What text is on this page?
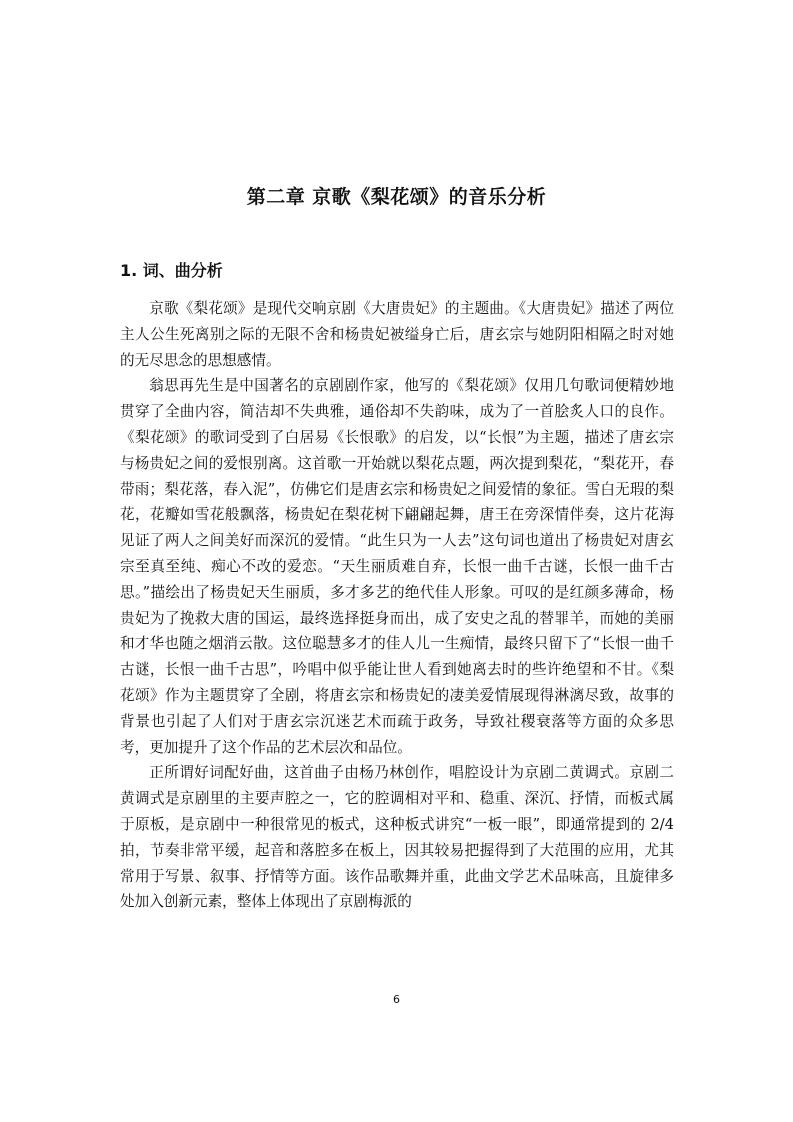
第二章 京歌《梨花颂》的音乐分析
1. 词、曲分析

京歌《梨花颂》是现代交响京剧《大唐贵妃》的主题曲。《大唐贵妃》描述了两位主人公生死离别之际的无限不舍和杨贵妃被缢身亡后，唐玄宗与她阴阳相隔之时对她的无尽思念的思想感情。

翁思再先生是中国著名的京剧剧作家，他写的《梨花颂》仅用几句歌词便精妙地贯穿了全曲内容，简洁却不失典雅，通俗却不失韵味，成为了一首脍炙人口的良作。《梨花颂》的歌词受到了白居易《长恨歌》的启发，以“长恨”为主题，描述了唐玄宗与杨贵妃之间的爱恨别离。这首歌一开始就以梨花点题，两次提到梨花，“梨花开，春带雨；梨花落，春入泥”，仿佛它们是唐玄宗和杨贵妃之间爱情的象征。雪白无瑕的梨花，花瓣如雪花般飘落，杨贵妃在梨花树下翩翩起舞，唐王在旁深情伴奏，这片花海见证了两人之间美好而深沉的爱情。“此生只为一人去”这句词也道出了杨贵妃对唐玄宗至真至纯、痴心不改的爱恋。“天生丽质难自弃，长恨一曲千古谜，长恨一曲千古思。”描绘出了杨贵妃天生丽质，多才多艺的绝代佳人形象。可叹的是红颜多薄命，杨贵妃为了挽救大唐的国运，最终选择挺身而出，成了安史之乱的替罪羊，而她的美丽和才华也随之烟消云散。这位聪慧多才的佳人儿一生痴情，最终只留下了“长恨一曲千古谜，长恨一曲千古思”，吟唱中似乎能让世人看到她离去时的些许绝望和不甘。《梨花颂》作为主题贯穿了全剧，将唐玄宗和杨贵妃的凄美爱情展现得淋漓尽致，故事的背景也引起了人们对于唐玄宗沉迷艺术而疏于政务，导致社稷衰落等方面的众多思考，更加提升了这个作品的艺术层次和品位。

正所谓好词配好曲，这首曲子由杨乃林创作，唱腔设计为京剧二黄调式。京剧二黄调式是京剧里的主要声腔之一，它的腔调相对平和、稳重、深沉、抒情，而板式属于原板，是京剧中一种很常见的板式，这种板式讲究“一板一眼”，即通常提到的 2/4 拍，节奏非常平缓，起音和落腔多在板上，因其较易把握得到了大范围的应用，尤其常用于写景、叙事、抒情等方面。该作品歌舞并重，此曲文学艺术品味高，且旋律多处加入创新元素，整体上体现出了京剧梅派的

6
